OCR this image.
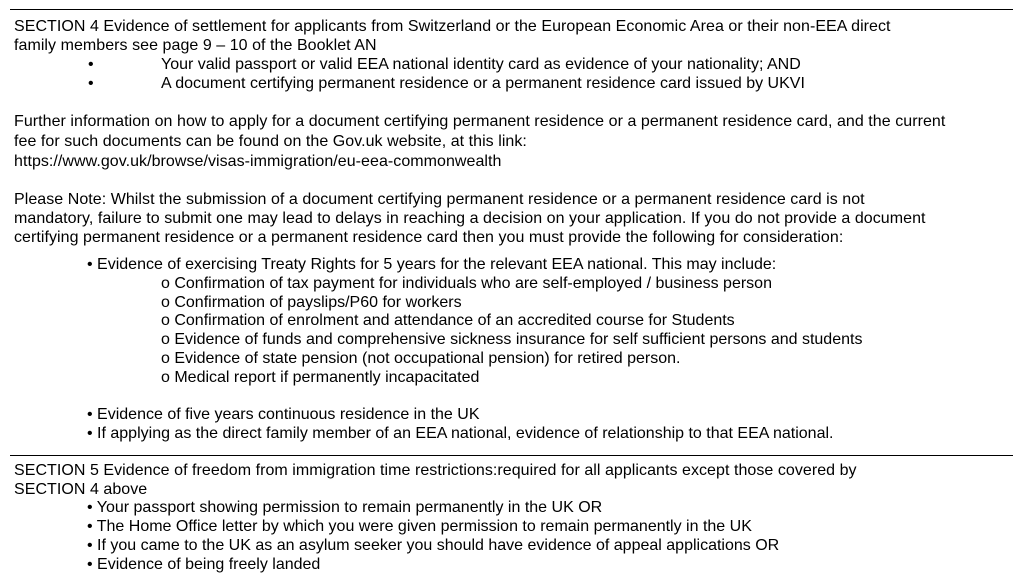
SECTION 4 Evidence of settlement for applicants from Switzerland or the European Economic Area or their non-EEA direct
family members see page 9 – 10 of the Booklet AN
•	Your valid passport or valid EEA national identity card as evidence of your nationality; AND
•	A document certifying permanent residence or a permanent residence card issued by UKVI
Further information on how to apply for a document certifying permanent residence or a permanent residence card, and the current
fee for such documents can be found on the Gov.uk website, at this link:
https://www.gov.uk/browse/visas-immigration/eu-eea-commonwealth
Please Note: Whilst the submission of a document certifying permanent residence or a permanent residence card is not
mandatory, failure to submit one may lead to delays in reaching a decision on your application. If you do not provide a document
certifying permanent residence or a permanent residence card then you must provide the following for consideration:
• Evidence of exercising Treaty Rights for 5 years for the relevant EEA national. This may include:
o Confirmation of tax payment for individuals who are self-employed / business person
o Confirmation of payslips/P60 for workers
o Confirmation of enrolment and attendance of an accredited course for Students
o Evidence of funds and comprehensive sickness insurance for self sufficient persons and students
o Evidence of state pension (not occupational pension) for retired person.
o Medical report if permanently incapacitated
• Evidence of five years continuous residence in the UK
• If applying as the direct family member of an EEA national, evidence of relationship to that EEA national.
SECTION 5 Evidence of freedom from immigration time restrictions:required for all applicants except those covered by
SECTION 4 above
• Your passport showing permission to remain permanently in the UK OR
• The Home Office letter by which you were given permission to remain permanently in the UK
• If you came to the UK as an asylum seeker you should have evidence of appeal applications OR
• Evidence of being freely landed
